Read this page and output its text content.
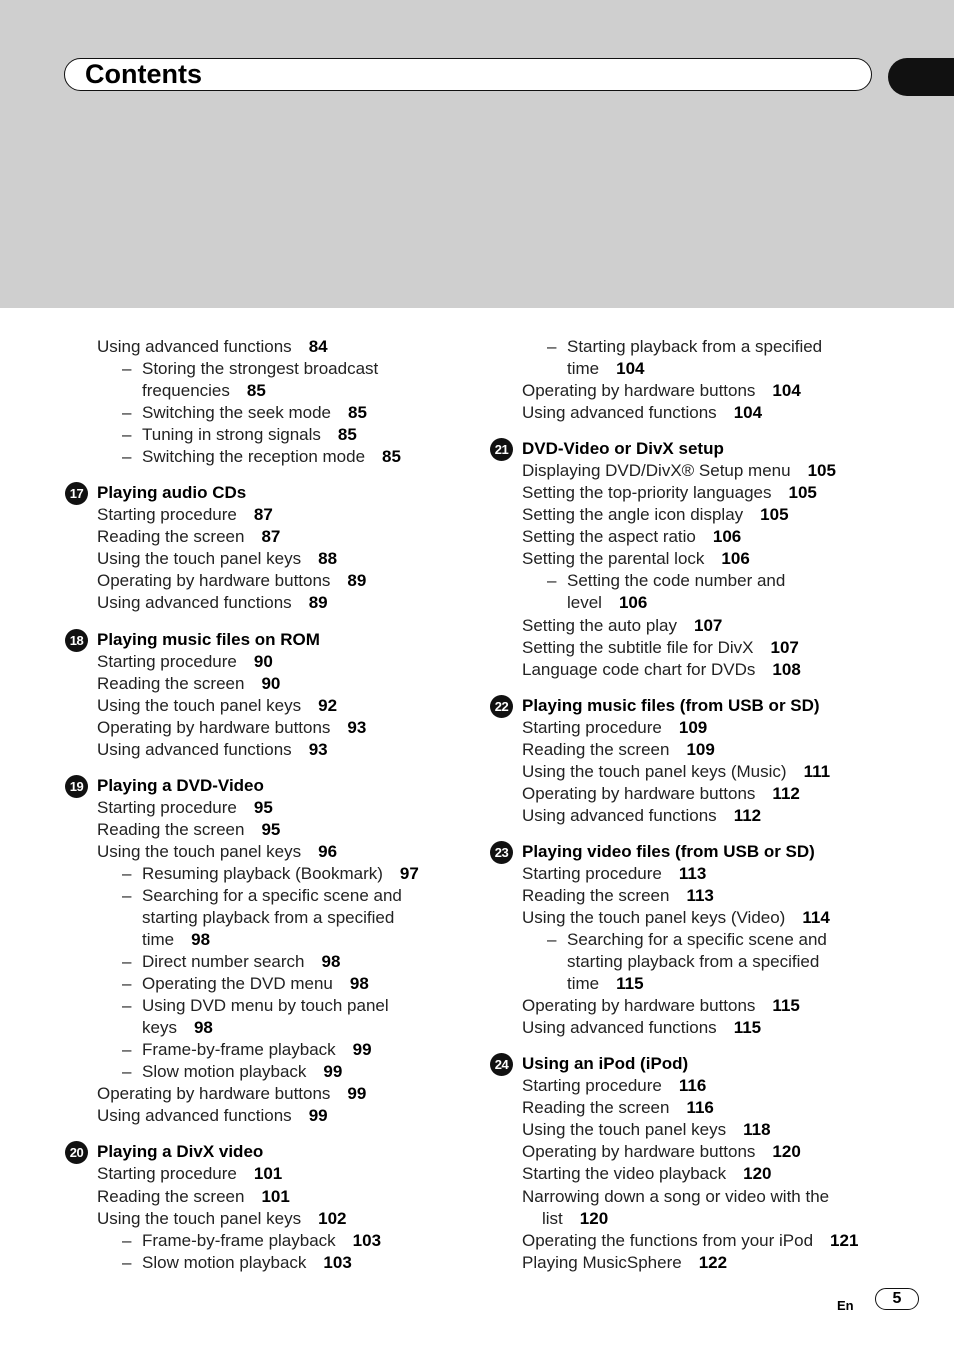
Contents
Using advanced functions 84
– Storing the strongest broadcast
frequencies 85
– Switching the seek mode 85
– Tuning in strong signals 85
– Switching the reception mode 85
17 Playing audio CDs
Starting procedure 87
Reading the screen 87
Using the touch panel keys 88
Operating by hardware buttons 89
Using advanced functions 89
18 Playing music files on ROM
Starting procedure 90
Reading the screen 90
Using the touch panel keys 92
Operating by hardware buttons 93
Using advanced functions 93
19 Playing a DVD-Video
Starting procedure 95
Reading the screen 95
Using the touch panel keys 96
– Resuming playback (Bookmark) 97
– Searching for a specific scene and
starting playback from a specified
time 98
– Direct number search 98
– Operating the DVD menu 98
– Using DVD menu by touch panel
keys 98
– Frame-by-frame playback 99
– Slow motion playback 99
Operating by hardware buttons 99
Using advanced functions 99
20 Playing a DivX video
Starting procedure 101
Reading the screen 101
Using the touch panel keys 102
– Frame-by-frame playback 103
– Slow motion playback 103
– Starting playback from a specified
time 104
Operating by hardware buttons 104
Using advanced functions 104
21 DVD-Video or DivX setup
Displaying DVD/DivX® Setup menu 105
Setting the top-priority languages 105
Setting the angle icon display 105
Setting the aspect ratio 106
Setting the parental lock 106
– Setting the code number and
level 106
Setting the auto play 107
Setting the subtitle file for DivX 107
Language code chart for DVDs 108
22 Playing music files (from USB or SD)
Starting procedure 109
Reading the screen 109
Using the touch panel keys (Music) 111
Operating by hardware buttons 112
Using advanced functions 112
23 Playing video files (from USB or SD)
Starting procedure 113
Reading the screen 113
Using the touch panel keys (Video) 114
– Searching for a specific scene and
starting playback from a specified
time 115
Operating by hardware buttons 115
Using advanced functions 115
24 Using an iPod (iPod)
Starting procedure 116
Reading the screen 116
Using the touch panel keys 118
Operating by hardware buttons 120
Starting the video playback 120
Narrowing down a song or video with the
list 120
Operating the functions from your iPod 121
Playing MusicSphere 122
En	5
